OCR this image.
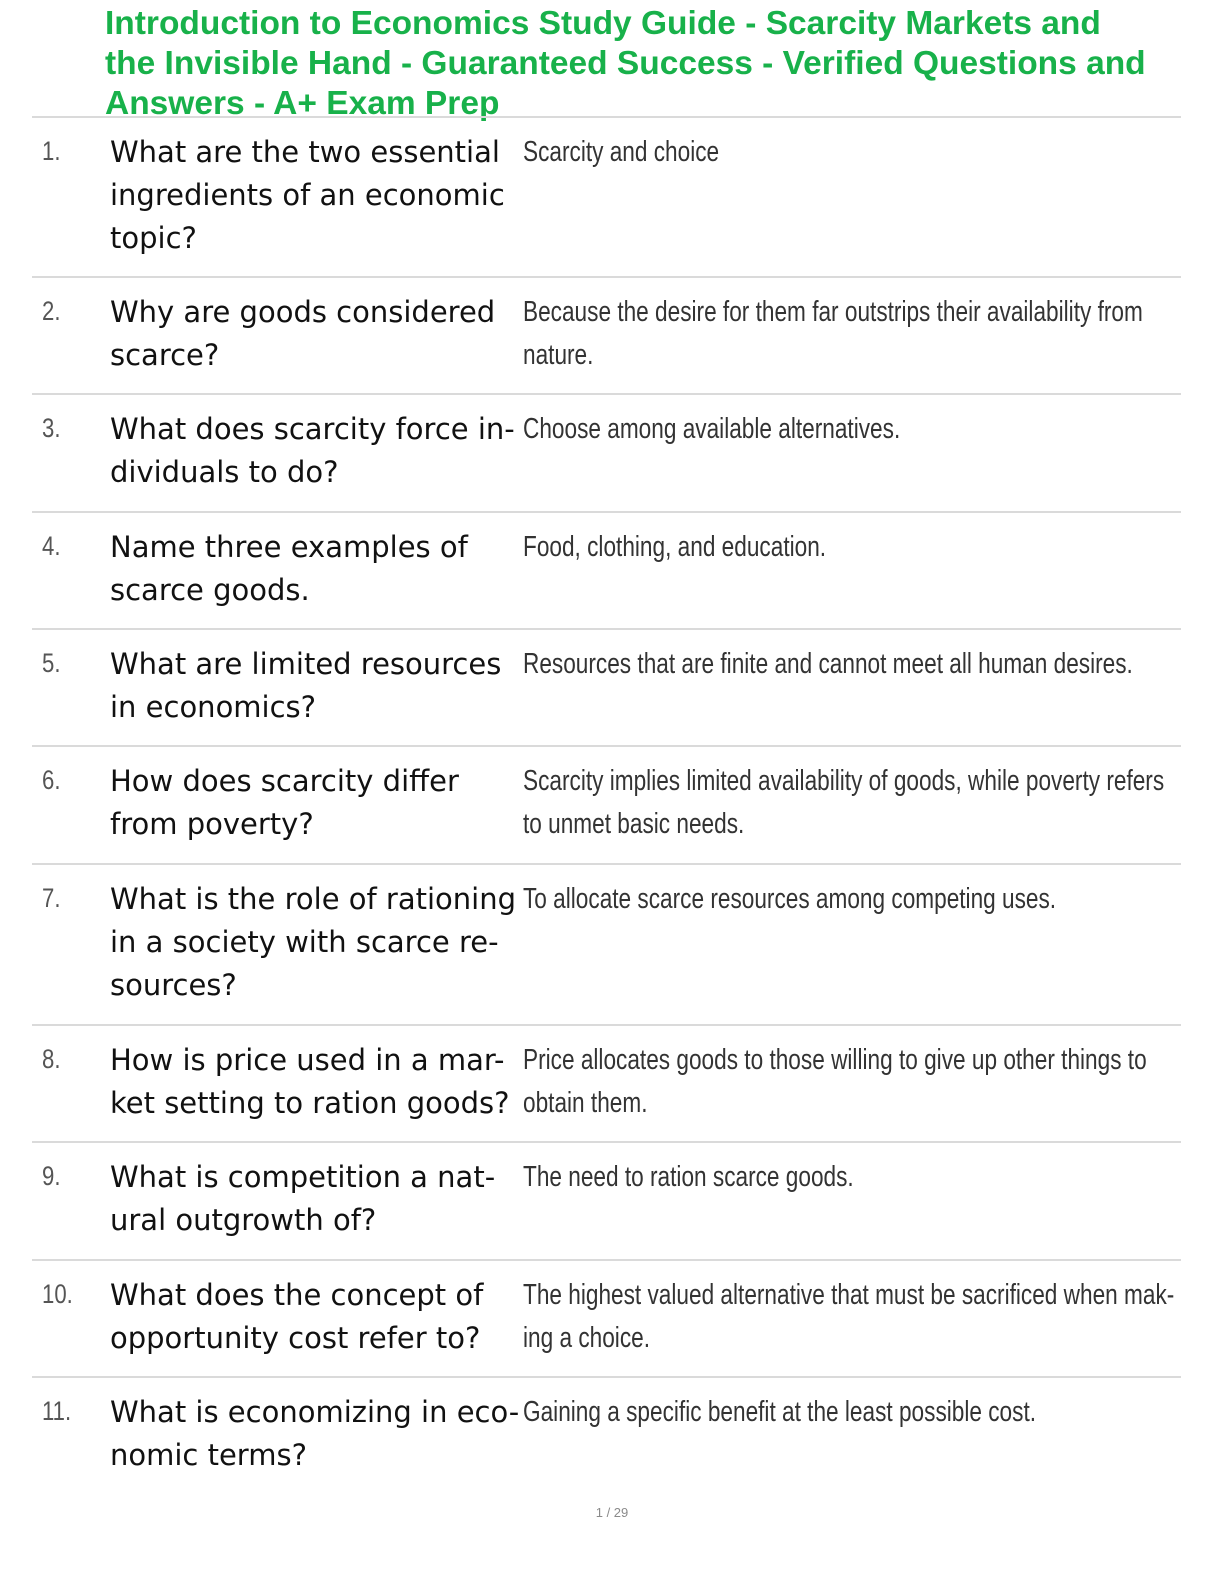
Introduction to Economics Study Guide - Scarcity Markets and
the Invisible Hand - Guaranteed Success - Verified Questions and
Answers - A+ Exam Prep
1. What are the two essential
ingredients of an economic
topic?
Scarcity and choice
2. Why are goods considered
scarce?
Because the desire for them far outstrips their availability from
nature.
3. What does scarcity force in-
dividuals to do?
Choose among available alternatives.
4. Name three examples of
scarce goods.
Food, clothing, and education.
5. What are limited resources
in economics?
Resources that are finite and cannot meet all human desires.
6. How does scarcity differ
from poverty?
Scarcity implies limited availability of goods, while poverty refers
to unmet basic needs.
7. What is the role of rationing
in a society with scarce re-
sources?
To allocate scarce resources among competing uses.
8. How is price used in a mar-
ket setting to ration goods?
Price allocates goods to those willing to give up other things to
obtain them.
9. What is competition a nat-
ural outgrowth of?
The need to ration scarce goods.
10. What does the concept of
opportunity cost refer to?
The highest valued alternative that must be sacrificed when mak-
ing a choice.
11. What is economizing in eco-
nomic terms?
Gaining a specific benefit at the least possible cost.
1 / 29
